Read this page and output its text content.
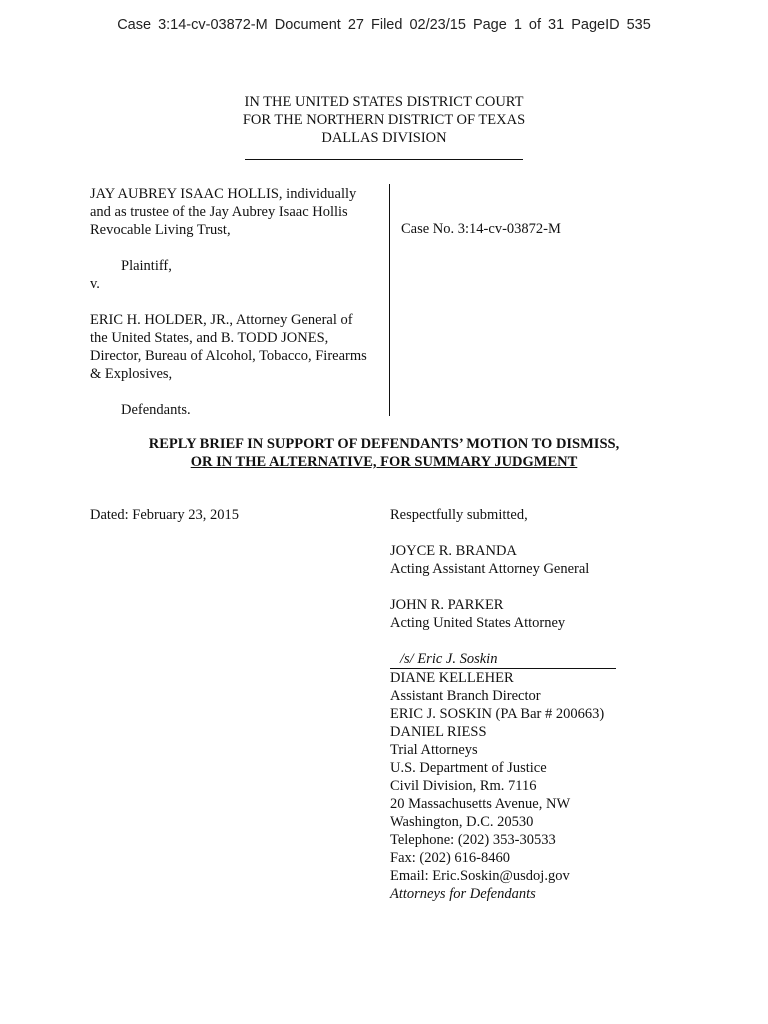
Case 3:14-cv-03872-M Document 27 Filed 02/23/15 Page 1 of 31 PageID 535
IN THE UNITED STATES DISTRICT COURT
FOR THE NORTHERN DISTRICT OF TEXAS
DALLAS DIVISION
JAY AUBREY ISAAC HOLLIS, individually
and as trustee of the Jay Aubrey Isaac Hollis
Revocable Living Trust,
Plaintiff,
v.
ERIC H. HOLDER, JR., Attorney General of
the United States, and B. TODD JONES,
Director, Bureau of Alcohol, Tobacco, Firearms
& Explosives,
Defendants.
Case No. 3:14-cv-03872-M
REPLY BRIEF IN SUPPORT OF DEFENDANTS’ MOTION TO DISMISS,
OR IN THE ALTERNATIVE, FOR SUMMARY JUDGMENT
Dated: February 23, 2015	Respectfully submitted,
JOYCE R. BRANDA
Acting Assistant Attorney General
JOHN R. PARKER
Acting United States Attorney
/s/ Eric J. Soskin
DIANE KELLEHER
Assistant Branch Director
ERIC J. SOSKIN (PA Bar # 200663)
DANIEL RIESS
Trial Attorneys
U.S. Department of Justice
Civil Division, Rm. 7116
20 Massachusetts Avenue, NW
Washington, D.C. 20530
Telephone: (202) 353-30533
Fax: (202) 616-8460
Email: Eric.Soskin@usdoj.gov
Attorneys for Defendants
